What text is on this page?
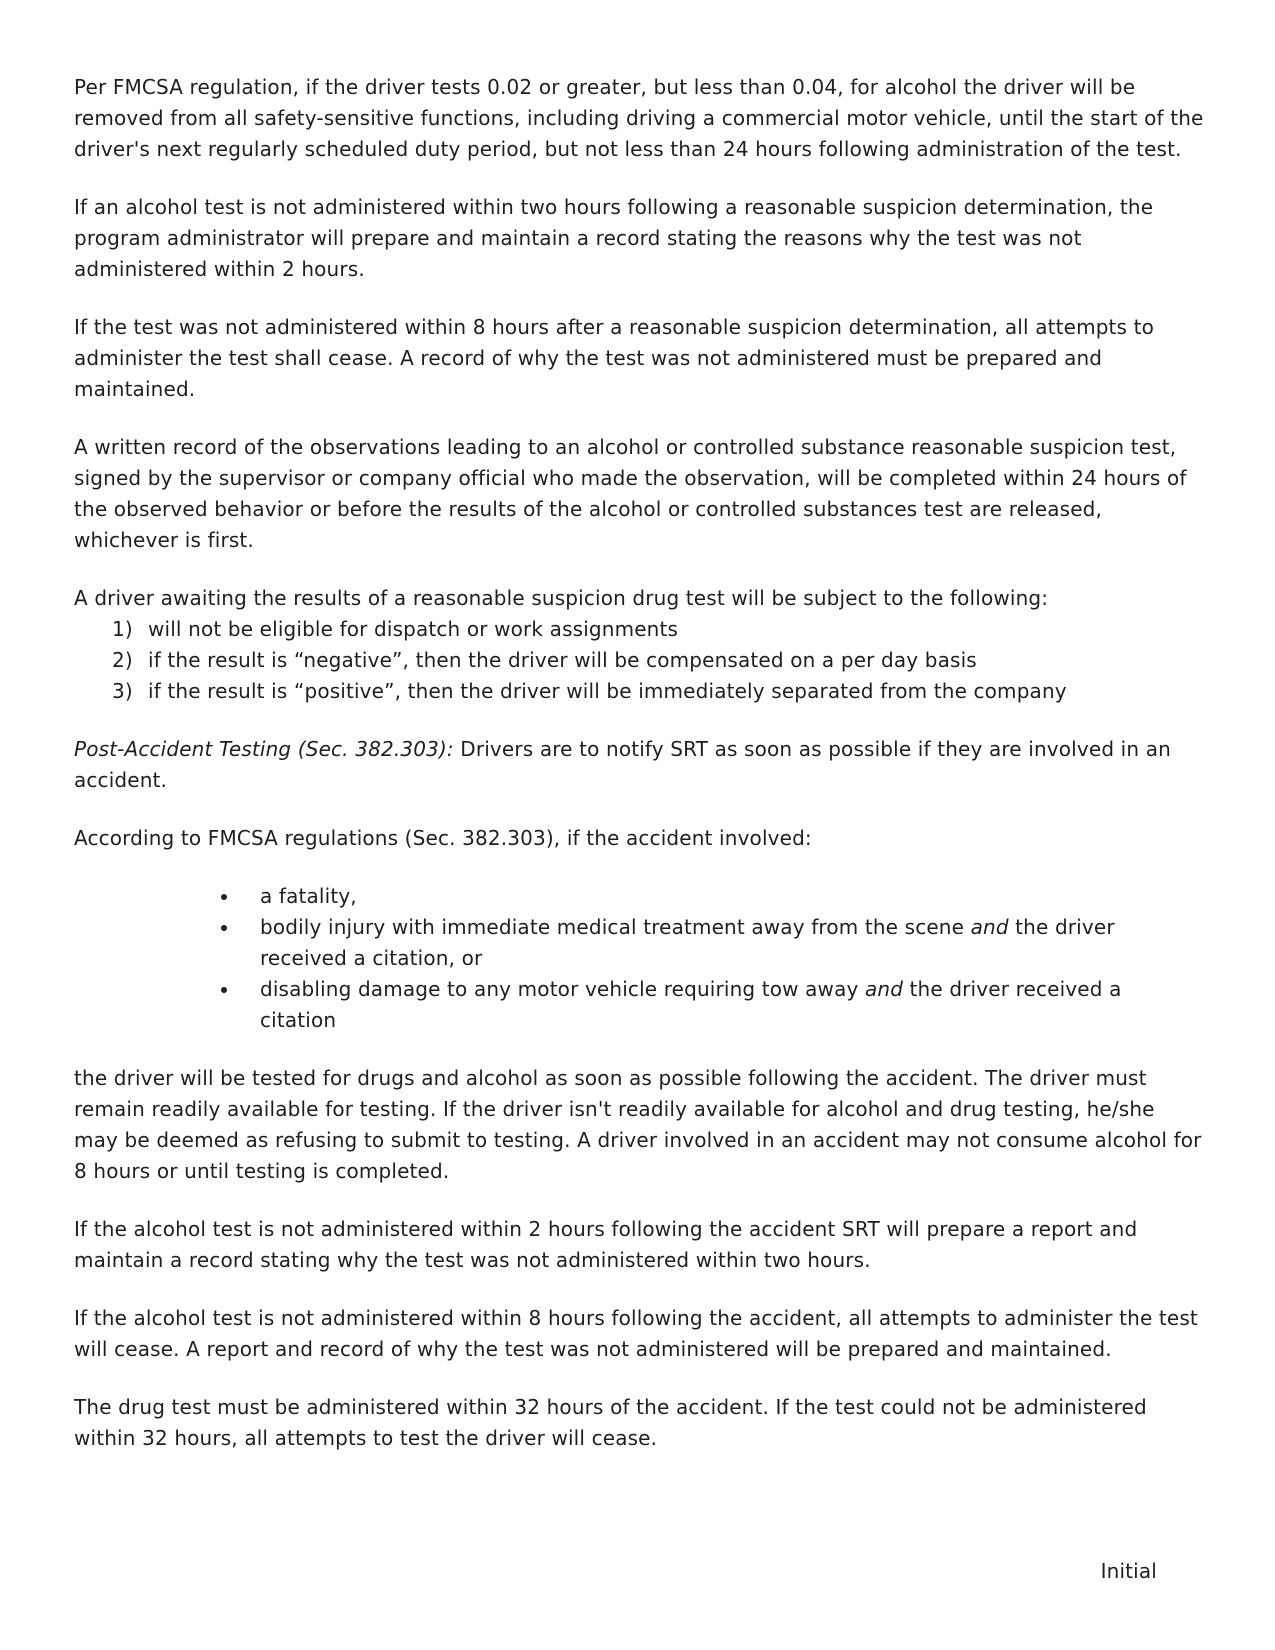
Per FMCSA regulation, if the driver tests 0.02 or greater, but less than 0.04, for alcohol the driver will be removed from all safety-sensitive functions, including driving a commercial motor vehicle, until the start of the driver's next regularly scheduled duty period, but not less than 24 hours following administration of the test.

If an alcohol test is not administered within two hours following a reasonable suspicion determination, the program administrator will prepare and maintain a record stating the reasons why the test was not administered within 2 hours.

If the test was not administered within 8 hours after a reasonable suspicion determination, all attempts to administer the test shall cease. A record of why the test was not administered must be prepared and maintained.

A written record of the observations leading to an alcohol or controlled substance reasonable suspicion test, signed by the supervisor or company official who made the observation, will be completed within 24 hours of the observed behavior or before the results of the alcohol or controlled substances test are released, whichever is first.

A driver awaiting the results of a reasonable suspicion drug test will be subject to the following:

1) will not be eligible for dispatch or work assignments
2) if the result is “negative”, then the driver will be compensated on a per day basis
3) if the result is “positive”, then the driver will be immediately separated from the company

Post-Accident Testing (Sec. 382.303): Drivers are to notify SRT as soon as possible if they are involved in an accident.

According to FMCSA regulations (Sec. 382.303), if the accident involved:

a fatality,
bodily injury with immediate medical treatment away from the scene and the driver received a citation, or
disabling damage to any motor vehicle requiring tow away and the driver received a citation

the driver will be tested for drugs and alcohol as soon as possible following the accident. The driver must remain readily available for testing. If the driver isn't readily available for alcohol and drug testing, he/she may be deemed as refusing to submit to testing. A driver involved in an accident may not consume alcohol for 8 hours or until testing is completed.

If the alcohol test is not administered within 2 hours following the accident SRT will prepare a report and maintain a record stating why the test was not administered within two hours.

If the alcohol test is not administered within 8 hours following the accident, all attempts to administer the test will cease. A report and record of why the test was not administered will be prepared and maintained.

The drug test must be administered within 32 hours of the accident. If the test could not be administered within 32 hours, all attempts to test the driver will cease.

Initial
